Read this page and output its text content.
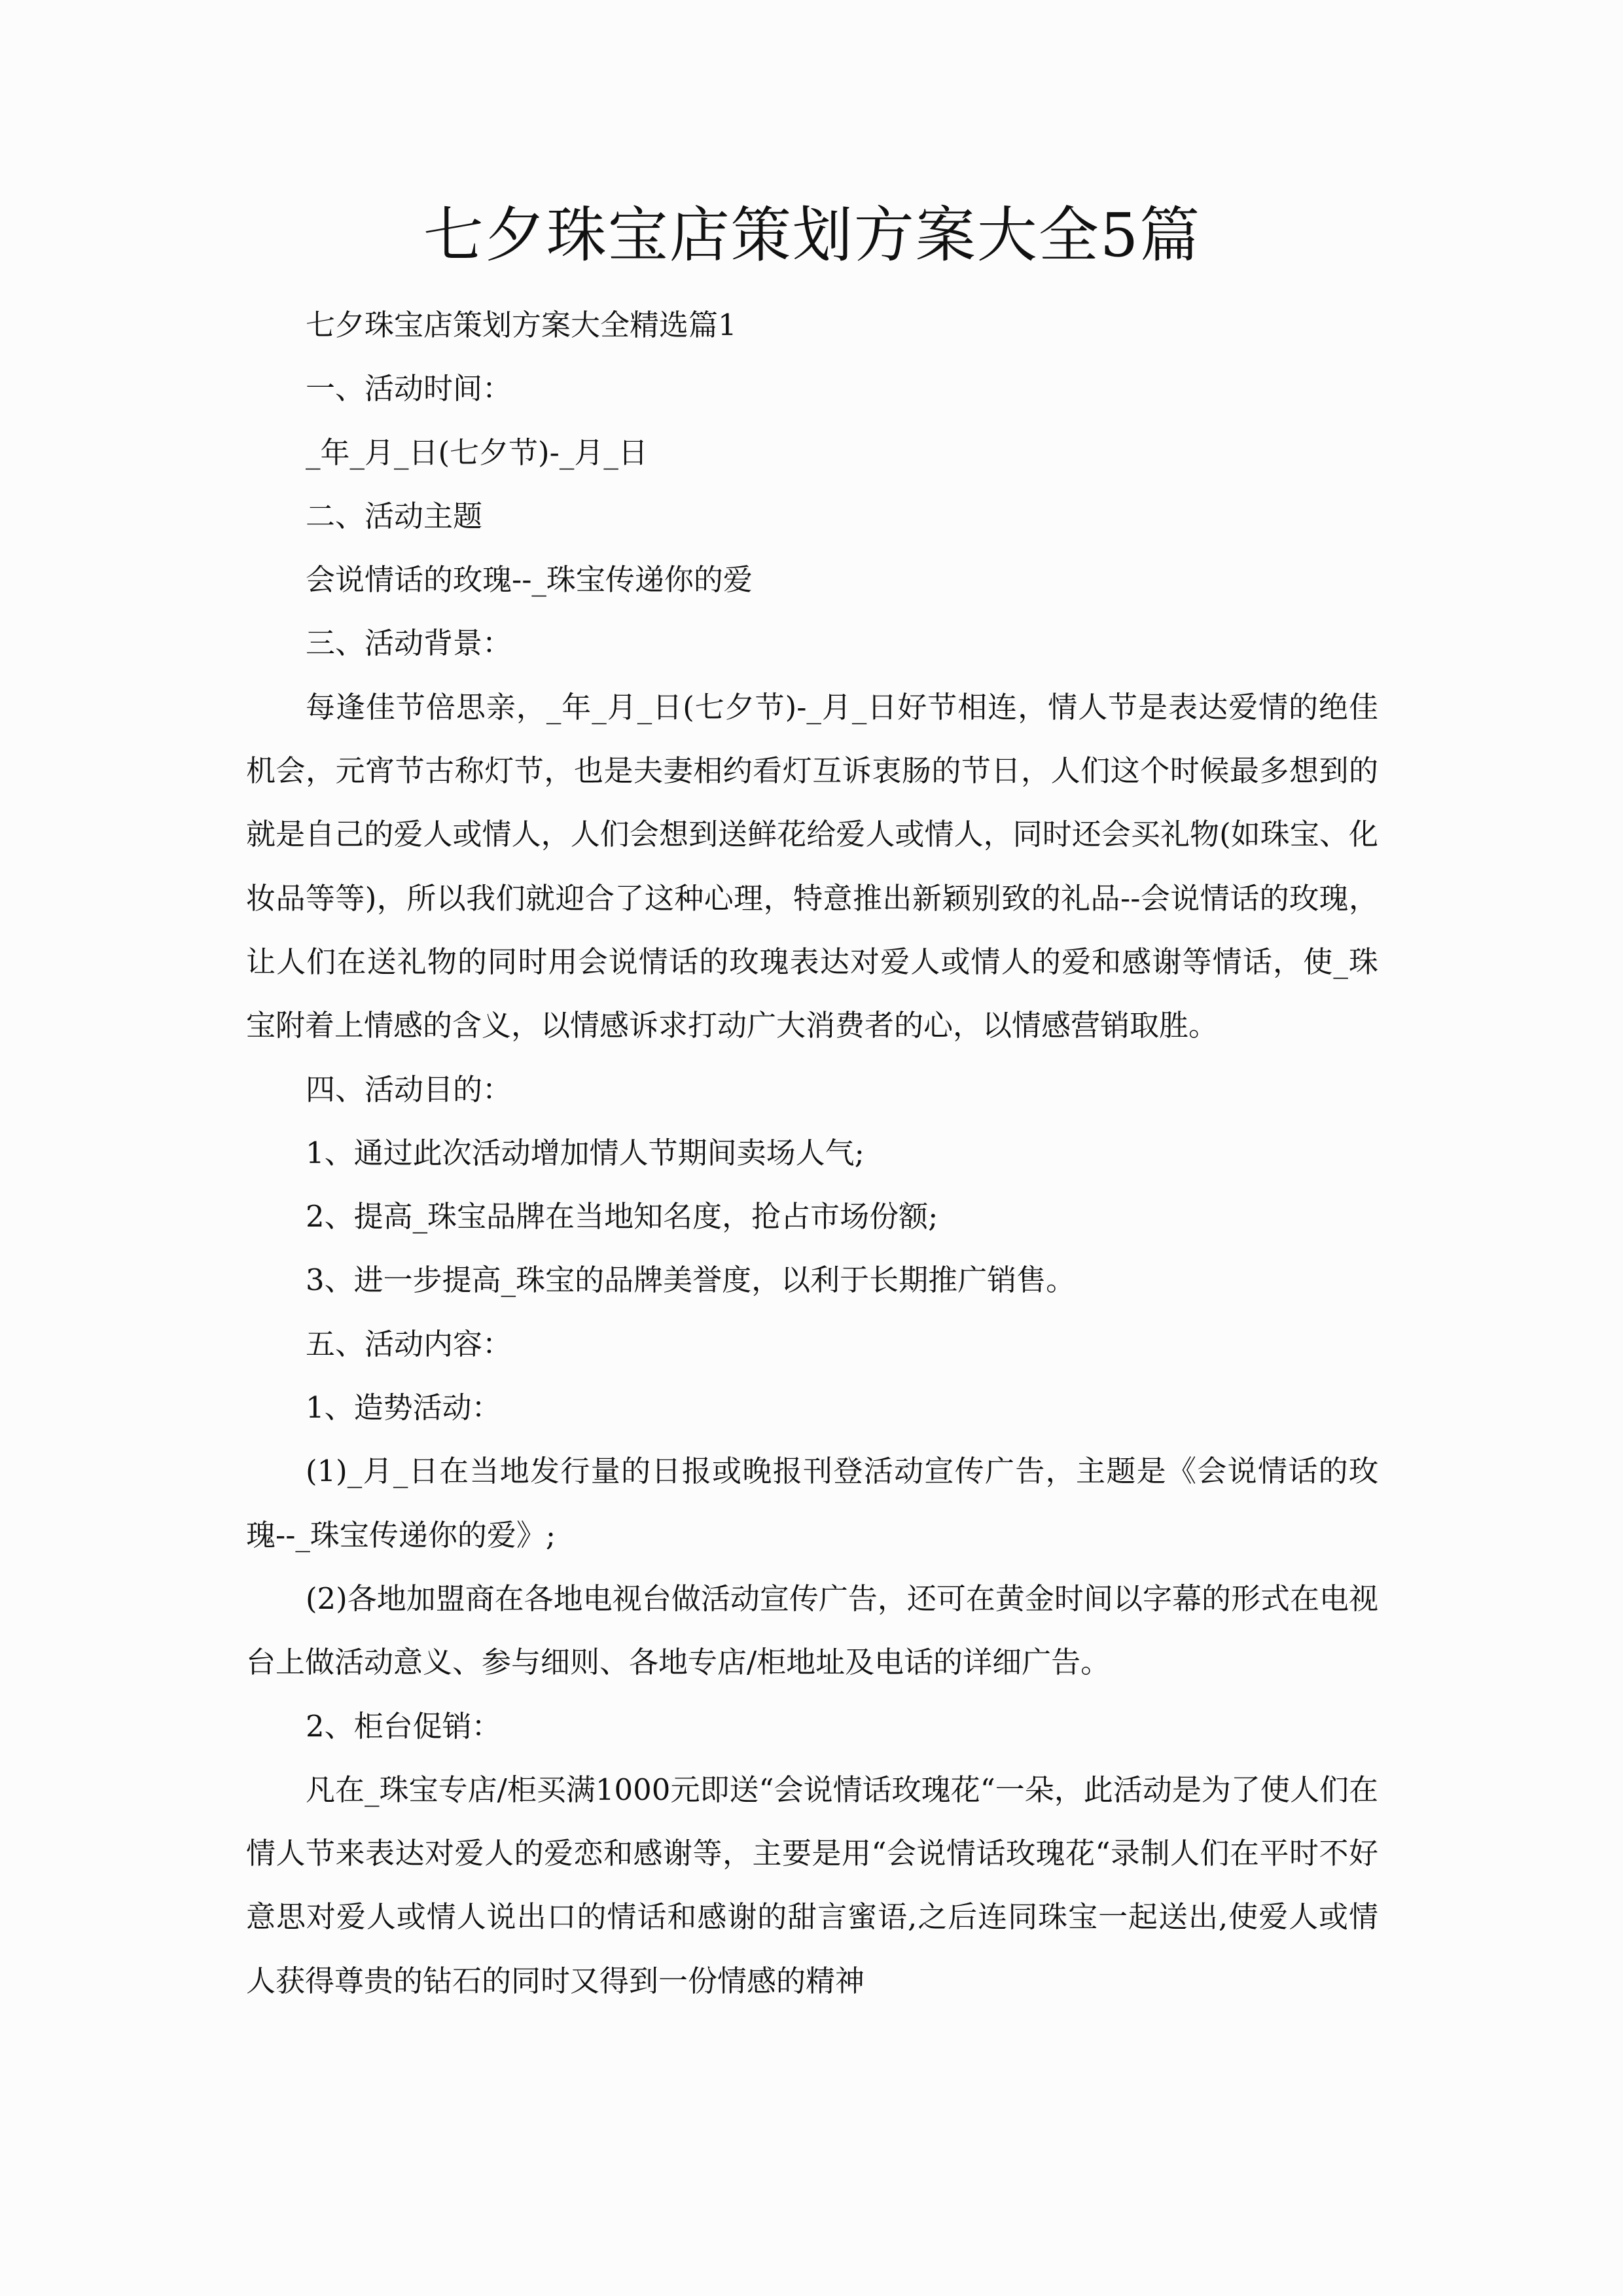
七夕珠宝店策划方案大全5篇

七夕珠宝店策划方案大全精选篇1

一、活动时间：

_年_月_日(七夕节)-_月_日

二、活动主题

会说情话的玫瑰--_珠宝传递你的爱

三、活动背景：

每逢佳节倍思亲，_年_月_日(七夕节)-_月_日好节相连，情人节是表达爱情的绝佳机会，元宵节古称灯节，也是夫妻相约看灯互诉衷肠的节日，人们这个时候最多想到的就是自己的爱人或情人，人们会想到送鲜花给爱人或情人，同时还会买礼物(如珠宝、化妆品等等)，所以我们就迎合了这种心理，特意推出新颖别致的礼品--会说情话的玫瑰，让人们在送礼物的同时用会说情话的玫瑰表达对爱人或情人的爱和感谢等情话，使_珠宝附着上情感的含义，以情感诉求打动广大消费者的心，以情感营销取胜。

四、活动目的：

1、通过此次活动增加情人节期间卖场人气;

2、提高_珠宝品牌在当地知名度，抢占市场份额;

3、进一步提高_珠宝的品牌美誉度，以利于长期推广销售。

五、活动内容：

1、造势活动：

(1)_月_日在当地发行量的日报或晚报刊登活动宣传广告，主题是《会说情话的玫瑰--_珠宝传递你的爱》;

(2)各地加盟商在各地电视台做活动宣传广告，还可在黄金时间以字幕的形式在电视台上做活动意义、参与细则、各地专店/柜地址及电话的详细广告。

2、柜台促销：

凡在_珠宝专店/柜买满1000元即送“会说情话玫瑰花“一朵，此活动是为了使人们在情人节来表达对爱人的爱恋和感谢等，主要是用“会说情话玫瑰花“录制人们在平时不好意思对爱人或情人说出口的情话和感谢的甜言蜜语,之后连同珠宝一起送出,使爱人或情人获得尊贵的钻石的同时又得到一份情感的精神
